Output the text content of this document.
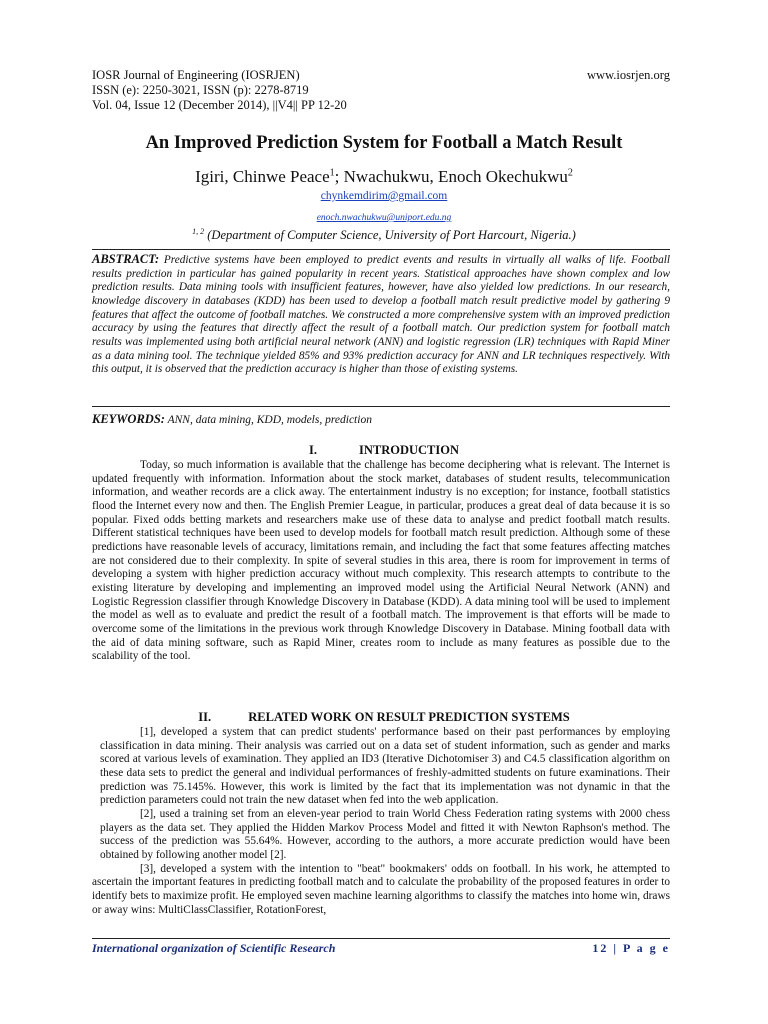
IOSR Journal of Engineering (IOSRJEN)
ISSN (e): 2250-3021, ISSN (p): 2278-8719
Vol. 04, Issue 12 (December 2014), ||V4|| PP 12-20
www.iosrjen.org
An Improved Prediction System for Football a Match Result
Igiri, Chinwe Peace$^1$; Nwachukwu, Enoch Okechukwu$^2$
chynkemdirim@gmail.com
enoch.nwachukwu@uniport.edu.ng
$^{1, 2}$ (Department of Computer Science, University of Port Harcourt, Nigeria.)
ABSTRACT: Predictive systems have been employed to predict events and results in virtually all walks of life. Football results prediction in particular has gained popularity in recent years. Statistical approaches have shown complex and low prediction results. Data mining tools with insufficient features, however, have also yielded low predictions. In our research, knowledge discovery in databases (KDD) has been used to develop a football match result predictive model by gathering 9 features that affect the outcome of football matches. We constructed a more comprehensive system with an improved prediction accuracy by using the features that directly affect the result of a football match. Our prediction system for football match results was implemented using both artificial neural network (ANN) and logistic regression (LR) techniques with Rapid Miner as a data mining tool. The technique yielded 85% and 93% prediction accuracy for ANN and LR techniques respectively. With this output, it is observed that the prediction accuracy is higher than those of existing systems.
KEYWORDS: ANN, data mining, KDD, models, prediction
I.	INTRODUCTION

Today, so much information is available that the challenge has become deciphering what is relevant. The Internet is updated frequently with information. Information about the stock market, databases of student results, telecommunication information, and weather records are a click away. The entertainment industry is no exception; for instance, football statistics flood the Internet every now and then. The English Premier League, in particular, produces a great deal of data because it is so popular. Fixed odds betting markets and researchers make use of these data to analyse and predict football match results. Different statistical techniques have been used to develop models for football match result prediction. Although some of these predictions have reasonable levels of accuracy, limitations remain, and including the fact that some features affecting matches are not considered due to their complexity. In spite of several studies in this area, there is room for improvement in terms of developing a system with higher prediction accuracy without much complexity. This research attempts to contribute to the existing literature by developing and implementing an improved model using the Artificial Neural Network (ANN) and Logistic Regression classifier through Knowledge Discovery in Database (KDD). A data mining tool will be used to implement the model as well as to evaluate and predict the result of a football match. The improvement is that efforts will be made to overcome some of the limitations in the previous work through Knowledge Discovery in Database. Mining football data with the aid of data mining software, such as Rapid Miner, creates room to include as many features as possible due to the scalability of the tool.

II.	RELATED WORK ON RESULT PREDICTION SYSTEMS

[1], developed a system that can predict students' performance based on their past performances by employing classification in data mining. Their analysis was carried out on a data set of student information, such as gender and marks scored at various levels of examination. They applied an ID3 (Iterative Dichotomiser 3) and C4.5 classification algorithm on these data sets to predict the general and individual performances of freshly-admitted students on future examinations. Their prediction was 75.145%. However, this work is limited by the fact that its implementation was not dynamic in that the prediction parameters could not train the new dataset when fed into the web application.

[2], used a training set from an eleven-year period to train World Chess Federation rating systems with 2000 chess players as the data set. They applied the Hidden Markov Process Model and fitted it with Newton Raphson's method. The success of the prediction was 55.64%. However, according to the authors, a more accurate prediction would have been obtained by following another model [2].

[3], developed a system with the intention to "beat" bookmakers' odds on football. In his work, he attempted to ascertain the important features in predicting football match and to calculate the probability of the proposed features in order to identify bets to maximize profit. He employed seven machine learning algorithms to classify the matches into home win, draws or away wins: MultiClassClassifier, RotationForest,

International organization of Scientific Research	12 | P a g e
